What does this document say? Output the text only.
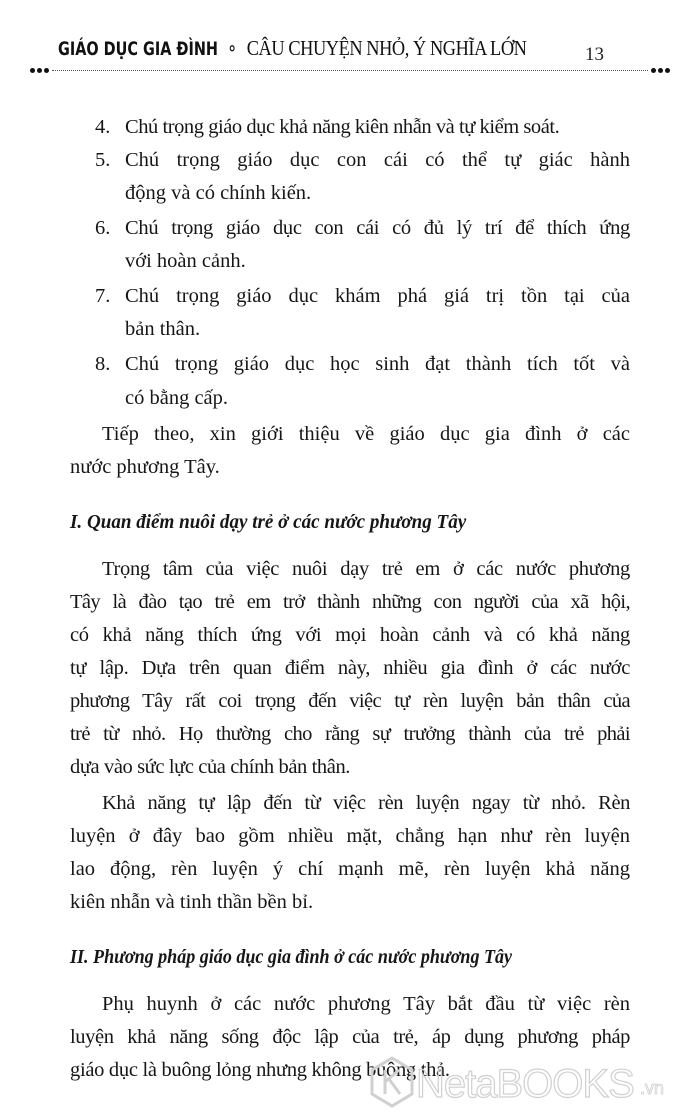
GIÁO DỤC GIA ĐÌNH ⚬ CÂU CHUYỆN NHỎ, Ý NGHĨA LỚN	13
4. Chú trọng giáo dục khả năng kiên nhẫn và tự kiểm soát.
5. Chú trọng giáo dục con cái có thể tự giác hành
động và có chính kiến.
6. Chú trọng giáo dục con cái có đủ lý trí để thích ứng
với hoàn cảnh.
7. Chú trọng giáo dục khám phá giá trị tồn tại của
bản thân.
8. Chú trọng giáo dục học sinh đạt thành tích tốt và
có bằng cấp.
Tiếp theo, xin giới thiệu về giáo dục gia đình ở các
nước phương Tây.
I. Quan điểm nuôi dạy trẻ ở các nước phương Tây
Trọng tâm của việc nuôi dạy trẻ em ở các nước phương
Tây là đào tạo trẻ em trở thành những con người của xã hội,
có khả năng thích ứng với mọi hoàn cảnh và có khả năng
tự lập. Dựa trên quan điểm này, nhiều gia đình ở các nước
phương Tây rất coi trọng đến việc tự rèn luyện bản thân của
trẻ từ nhỏ. Họ thường cho rằng sự trưởng thành của trẻ phải
dựa vào sức lực của chính bản thân.
Khả năng tự lập đến từ việc rèn luyện ngay từ nhỏ. Rèn
luyện ở đây bao gồm nhiều mặt, chẳng hạn như rèn luyện
lao động, rèn luyện ý chí mạnh mẽ, rèn luyện khả năng
kiên nhẫn và tinh thần bền bỉ.
II. Phương pháp giáo dục gia đình ở các nước phương Tây
Phụ huynh ở các nước phương Tây bắt đầu từ việc rèn
luyện khả năng sống độc lập của trẻ, áp dụng phương pháp
giáo dục là buông lỏng nhưng không buông thả.
NetaBOOKS .vn
